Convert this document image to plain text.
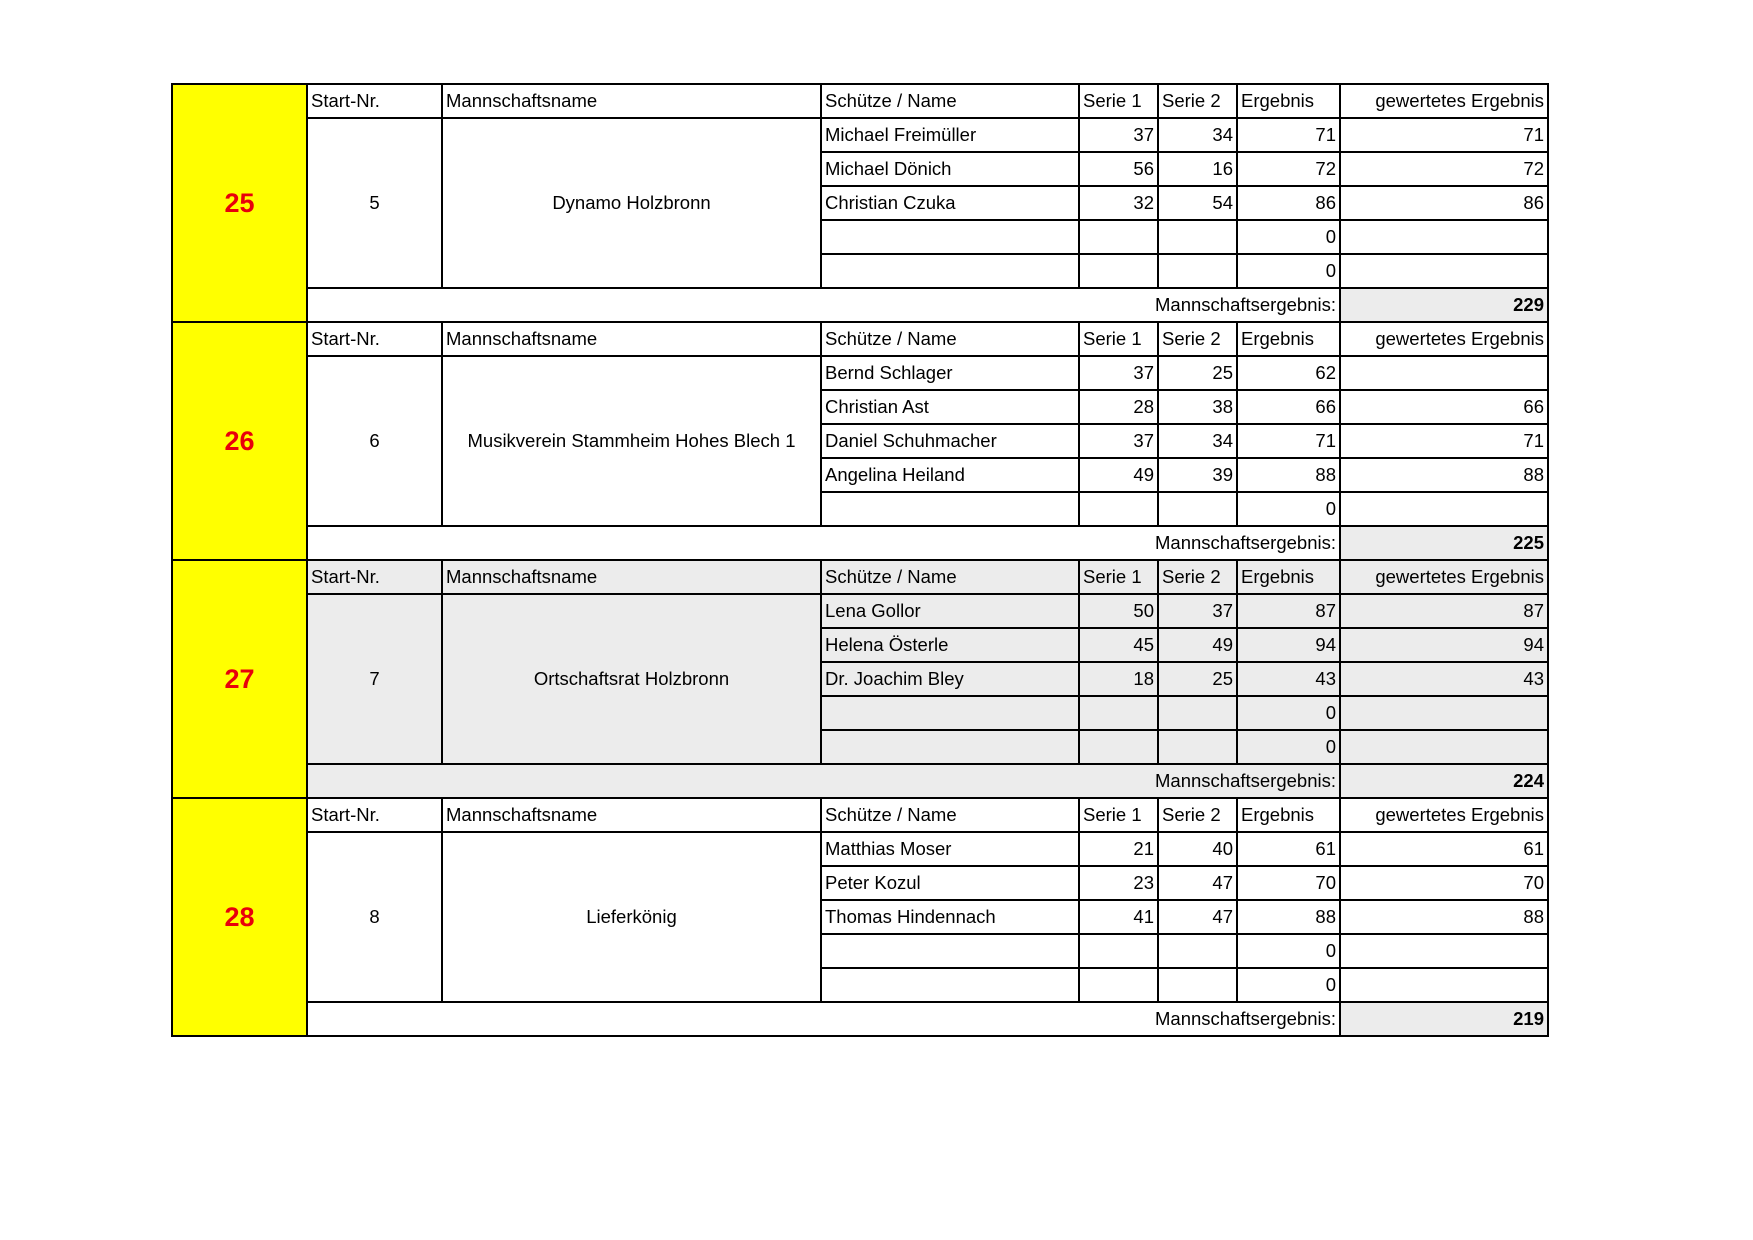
25	Start-Nr.	Mannschaftsname	Schütze / Name	Serie 1	Serie 2	Ergebnis	gewertetes Ergebnis
	5	Dynamo Holzbronn	Michael Freimüller	37	34	71	71
			Michael Dönich	56	16	72	72
			Christian Czuka	32	54	86	86
						0	
						0	
	Mannschaftsergebnis:						229
26	Start-Nr.	Mannschaftsname	Schütze / Name	Serie 1	Serie 2	Ergebnis	gewertetes Ergebnis
	6	Musikverein Stammheim Hohes Blech 1	Bernd Schlager	37	25	62	
			Christian Ast	28	38	66	66
			Daniel Schuhmacher	37	34	71	71
			Angelina Heiland	49	39	88	88
						0	
	Mannschaftsergebnis:						225
27	Start-Nr.	Mannschaftsname	Schütze / Name	Serie 1	Serie 2	Ergebnis	gewertetes Ergebnis
	7	Ortschaftsrat Holzbronn	Lena Gollor	50	37	87	87
			Helena Österle	45	49	94	94
			Dr. Joachim Bley	18	25	43	43
						0	
						0	
	Mannschaftsergebnis:						224
28	Start-Nr.	Mannschaftsname	Schütze / Name	Serie 1	Serie 2	Ergebnis	gewertetes Ergebnis
	8	Lieferkönig	Matthias Moser	21	40	61	61
			Peter Kozul	23	47	70	70
			Thomas Hindennach	41	47	88	88
						0	
						0	
	Mannschaftsergebnis:						219
